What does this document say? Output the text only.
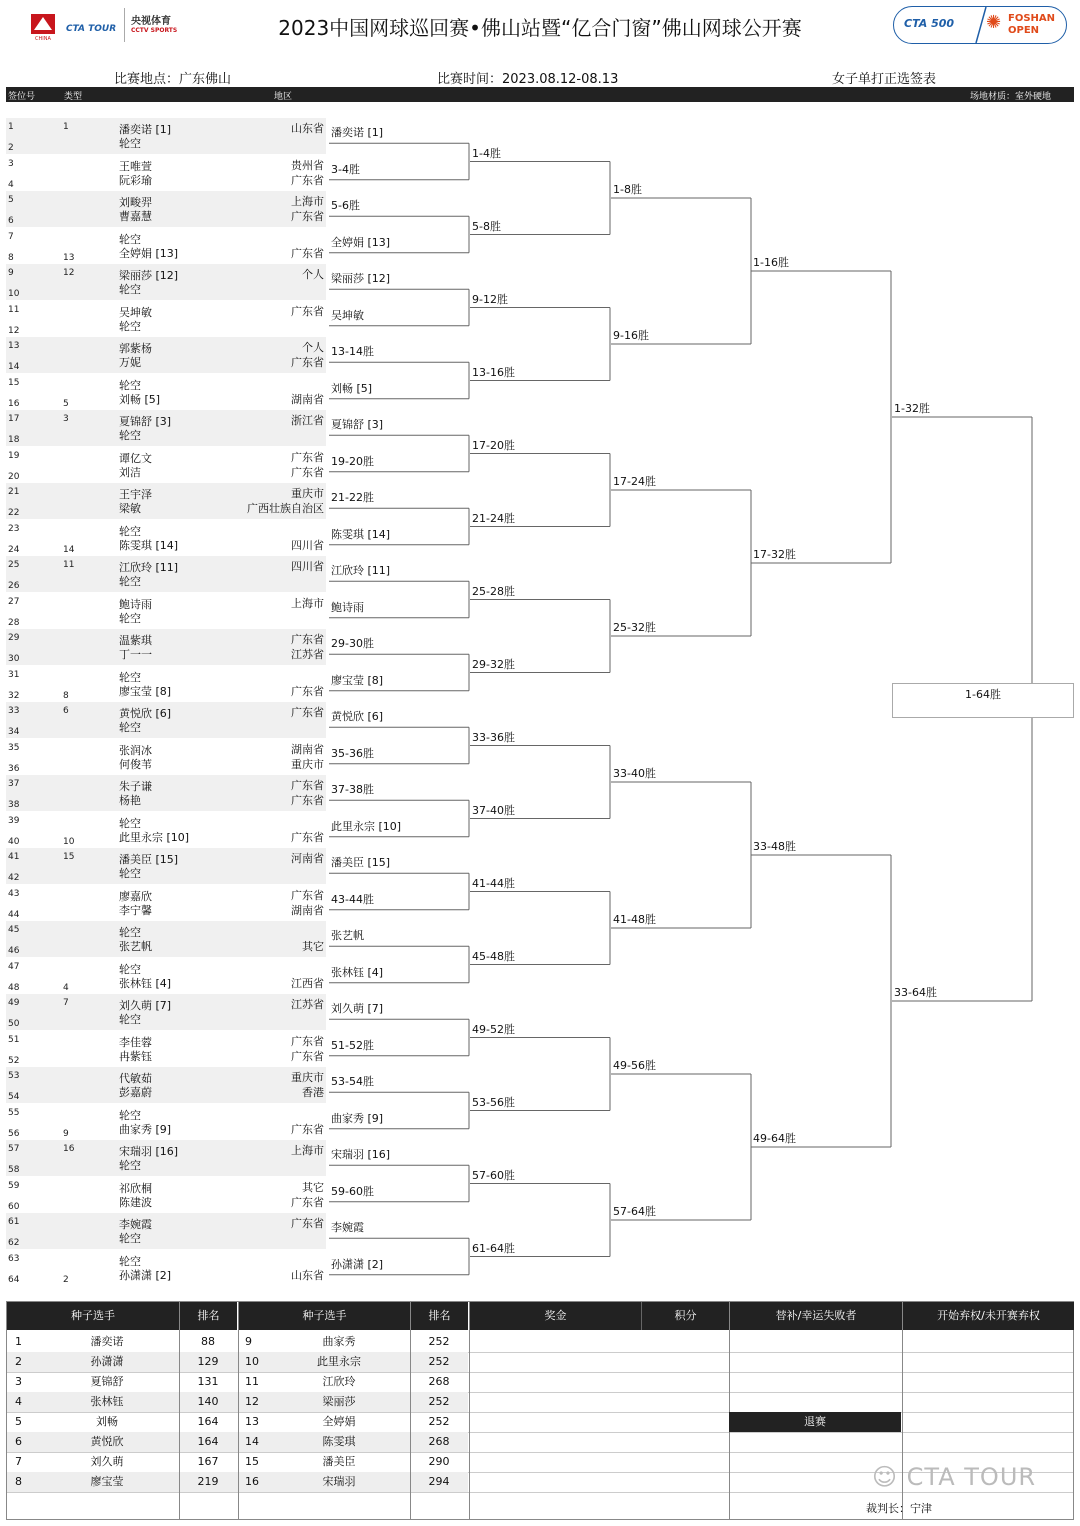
CHINA
CTA TOUR
央视体育
CCTV SPORTS	2023中国网球巡回赛•佛山站暨“亿合门窗”佛山网球公开赛	CTA 500 ✺ FOSHAN
OPEN
比赛地点：广东佛山	比赛时间：2023.08.12-08.13	女子单打正选签表
签位号	类型	地区	场地材质：室外硬地
1	1	潘奕诺 [1]	山东省
2	轮空
3	王唯萱	贵州省
4	阮彩瑜	广东省
5	刘畯羿	上海市
6	曹嘉慧	广东省
7	轮空
8	13	全婷娟 [13]	广东省
9	12	梁丽莎 [12]	个人
10	轮空
11	吴坤敏	广东省
12	轮空
13	郭紫杨	个人
14	万妮	广东省
15	轮空
16	5	刘畅 [5]	湖南省
17	3	夏锦舒 [3]	浙江省
18	轮空
19	谭亿文	广东省
20	刘洁	广东省
21	王宇泽	重庆市
22	梁敏	广西壮族自治区
23	轮空
24	14	陈雯琪 [14]	四川省
25	11	江欣玲 [11]	四川省
26	轮空
27	鲍诗雨	上海市
28	轮空
29	温紫琪	广东省
30	丁一一	江苏省
31	轮空
32	8	廖宝莹 [8]	广东省
33	6	黄悦欣 [6]	广东省
34	轮空
35	张润冰	湖南省
36	何俊苇	重庆市
37	朱子谦	广东省
38	杨艳	广东省
39	轮空
40	10	此里永宗 [10]	广东省
41	15	潘美臣 [15]	河南省
42	轮空
43	廖嘉欣	广东省
44	李宁馨	湖南省
45	轮空
46	张艺帆	其它
47	轮空
48	4	张林钰 [4]	江西省
49	7	刘久萌 [7]	江苏省
50	轮空
51	李佳蓉	广东省
52	冉紫钰	广东省
53	代敏茹	重庆市
54	彭嘉蔚	香港
55	轮空
56	9	曲家秀 [9]	广东省
57	16	宋瑞羽 [16]	上海市
58	轮空
59	祁欣桐	其它
60	陈建波	广东省
61	李婉霞	广东省
62	轮空
63	轮空
64	2	孙潇潇 [2]	山东省
潘奕诺 [1]
3-4胜
5-6胜
全婷娟 [13]
梁丽莎 [12]
吴坤敏
13-14胜
刘畅 [5]
夏锦舒 [3]
19-20胜
21-22胜
陈雯琪 [14]
江欣玲 [11]
鲍诗雨
29-30胜
廖宝莹 [8]
黄悦欣 [6]
35-36胜
37-38胜
此里永宗 [10]
潘美臣 [15]
43-44胜
张艺帆
张林钰 [4]
刘久萌 [7]
51-52胜
53-54胜
曲家秀 [9]
宋瑞羽 [16]
59-60胜
李婉霞
孙潇潇 [2]
1-4胜
5-8胜
9-12胜
13-16胜
17-20胜
21-24胜
25-28胜
29-32胜
33-36胜
37-40胜
41-44胜
45-48胜
49-52胜
53-56胜
57-60胜
61-64胜
1-8胜
9-16胜
17-24胜
25-32胜
33-40胜
41-48胜
49-56胜
57-64胜
1-16胜
17-32胜
33-48胜
49-64胜
1-32胜
33-64胜
1-64胜
种子选手	排名	种子选手	排名	奖金	积分	替补/幸运失败者	开始弃权/未开赛弃权
1	潘奕诺	88	9	曲家秀	252
2	孙潇潇	129	10	此里永宗	252
3	夏锦舒	131	11	江欣玲	268
4	张林钰	140	12	梁丽莎	252
5	刘畅	164	13	全婷娟	252
6	黄悦欣	164	14	陈雯琪	268
7	刘久萌	167	15	潘美臣	290
8	廖宝莹	219	16	宋瑞羽	294
退赛
☺ CTA TOUR
裁判长：宁津
